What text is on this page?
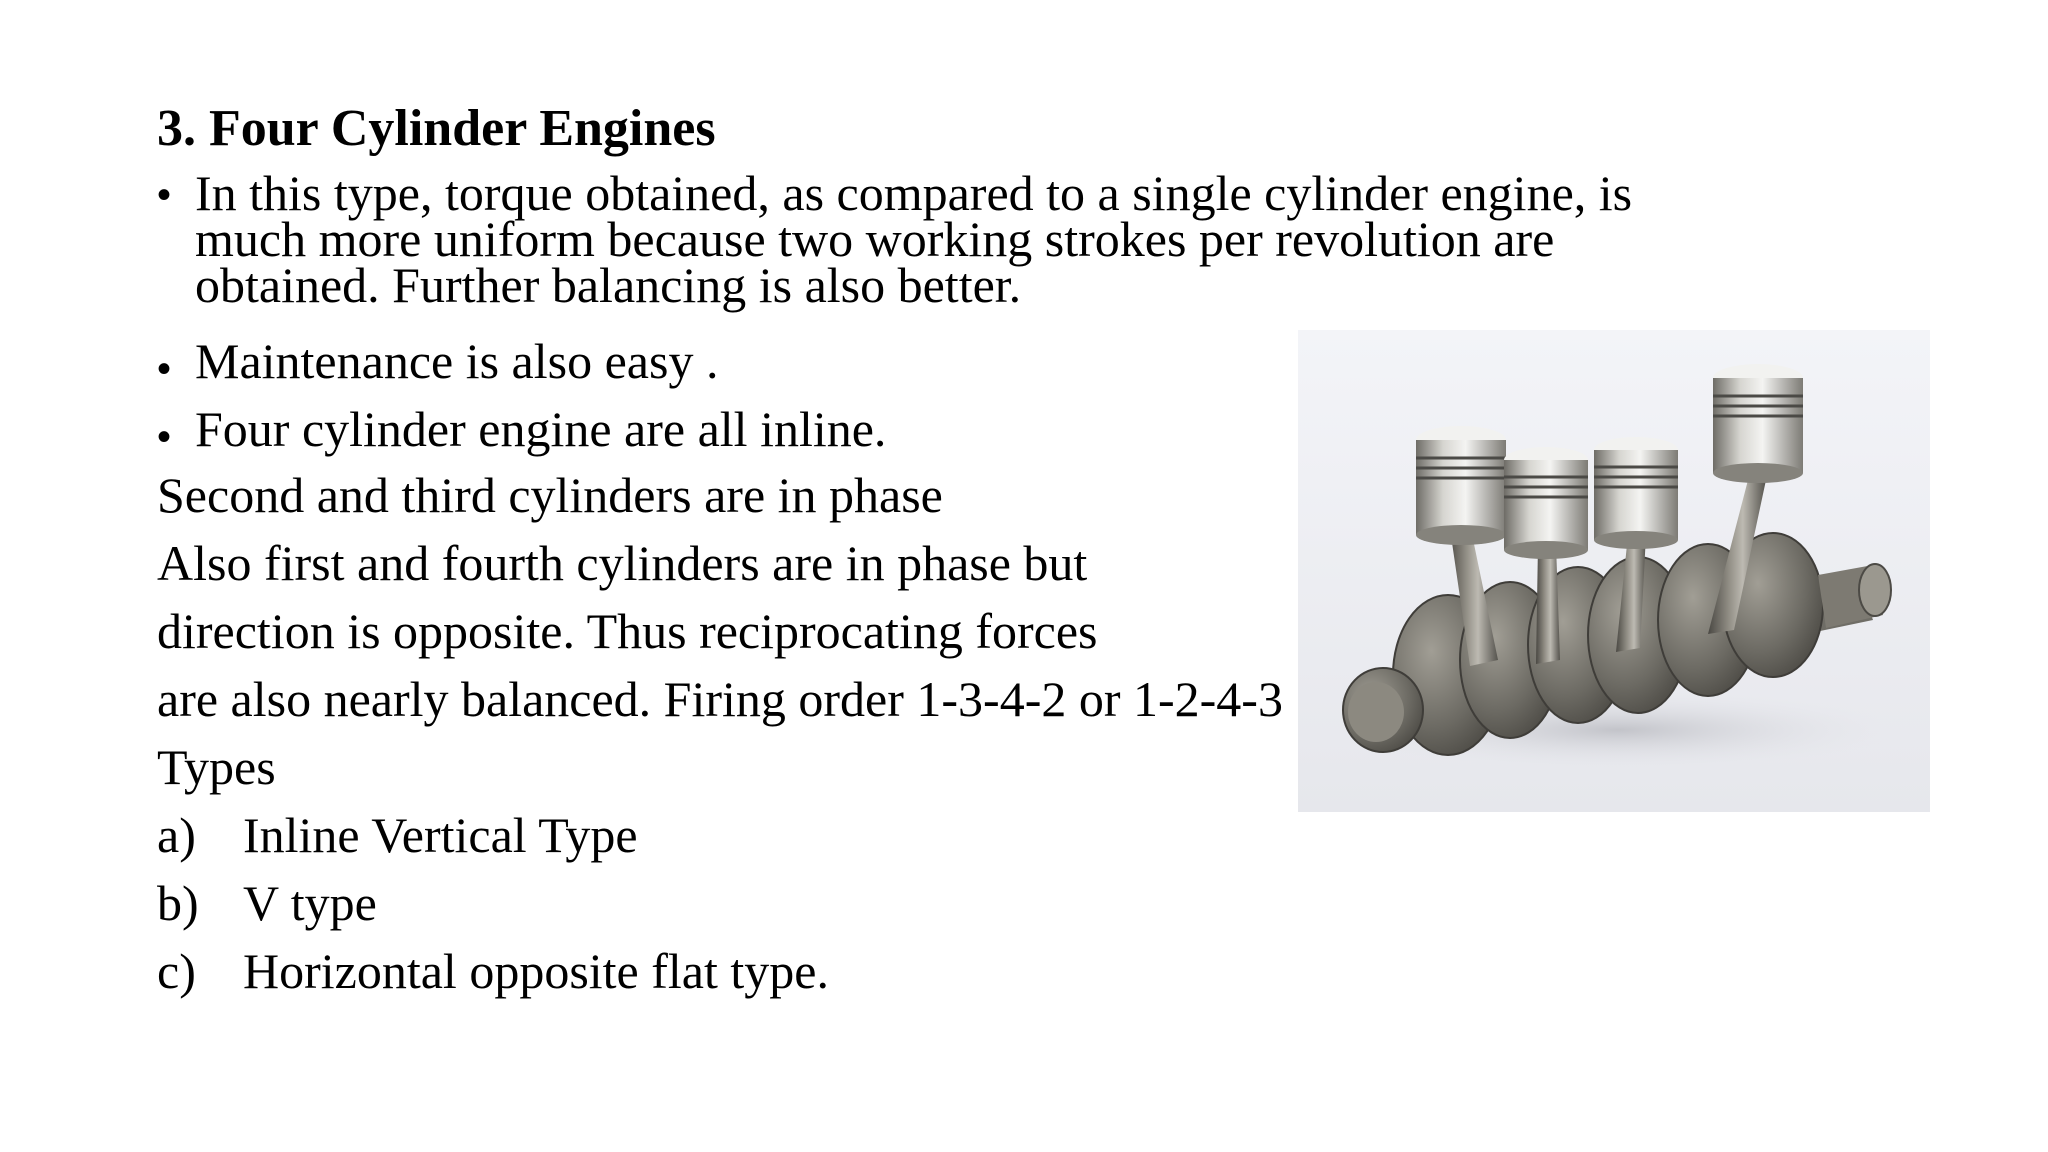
3. Four Cylinder Engines
• In this type, torque obtained, as compared to a single cylinder engine, is
much more uniform because two working strokes per revolution are
obtained. Further balancing is also better.
• Maintenance is also easy .
• Four cylinder engine are all inline.
Second and third cylinders are in phase
Also first and fourth cylinders are in phase but
direction is opposite. Thus reciprocating forces
are also nearly balanced. Firing order 1-3-4-2 or 1-2-4-3
Types
a) Inline Vertical Type
b) V type
c) Horizontal opposite flat type.
